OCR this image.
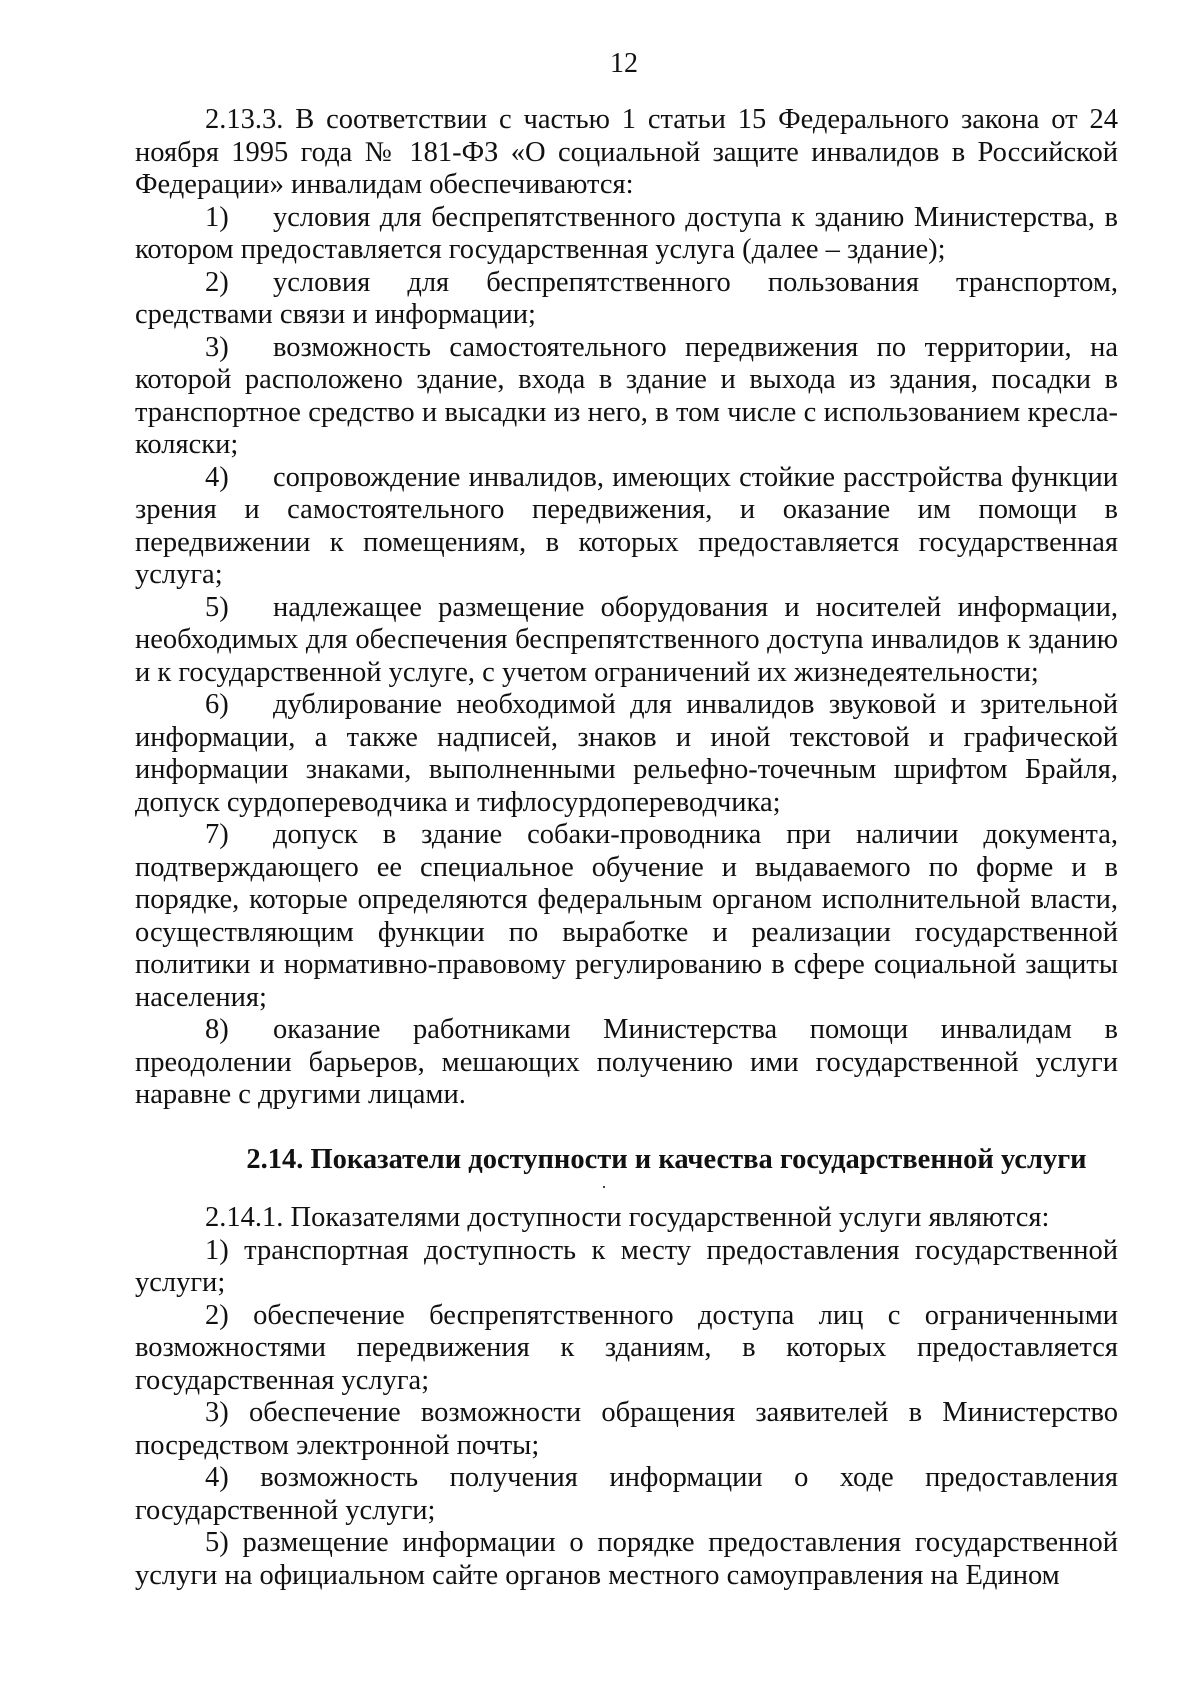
12

2.13.3. В соответствии с частью 1 статьи 15 Федерального закона от 24 ноября 1995 года № 181-ФЗ «О социальной защите инвалидов в Российской Федерации» инвалидам обеспечиваются:

1) условия для беспрепятственного доступа к зданию Министерства, в котором предоставляется государственная услуга (далее – здание);

2) условия для беспрепятственного пользования транспортом, средствами связи и информации;

3) возможность самостоятельного передвижения по территории, на которой расположено здание, входа в здание и выхода из здания, посадки в транспортное средство и высадки из него, в том числе с использованием кресла-коляски;

4) сопровождение инвалидов, имеющих стойкие расстройства функции зрения и самостоятельного передвижения, и оказание им помощи в передвижении к помещениям, в которых предоставляется государственная услуга;

5) надлежащее размещение оборудования и носителей информации, необходимых для обеспечения беспрепятственного доступа инвалидов к зданию и к государственной услуге, с учетом ограничений их жизнедеятельности;

6) дублирование необходимой для инвалидов звуковой и зрительной информации, а также надписей, знаков и иной текстовой и графической информации знаками, выполненными рельефно-точечным шрифтом Брайля, допуск сурдопереводчика и тифлосурдопереводчика;

7) допуск в здание собаки-проводника при наличии документа, подтверждающего ее специальное обучение и выдаваемого по форме и в порядке, которые определяются федеральным органом исполнительной власти, осуществляющим функции по выработке и реализации государственной политики и нормативно-правовому регулированию в сфере социальной защиты населения;

8) оказание работниками Министерства помощи инвалидам в преодолении барьеров, мешающих получению ими государственной услуги наравне с другими лицами.

2.14. Показатели доступности и качества государственной услуги

2.14.1. Показателями доступности государственной услуги являются:

1) транспортная доступность к месту предоставления государственной услуги;

2) обеспечение беспрепятственного доступа лиц с ограниченными возможностями передвижения к зданиям, в которых предоставляется государственная услуга;

3) обеспечение возможности обращения заявителей в Министерство посредством электронной почты;

4) возможность получения информации о ходе предоставления государственной услуги;

5) размещение информации о порядке предоставления государственной услуги на официальном сайте органов местного самоуправления на Едином
